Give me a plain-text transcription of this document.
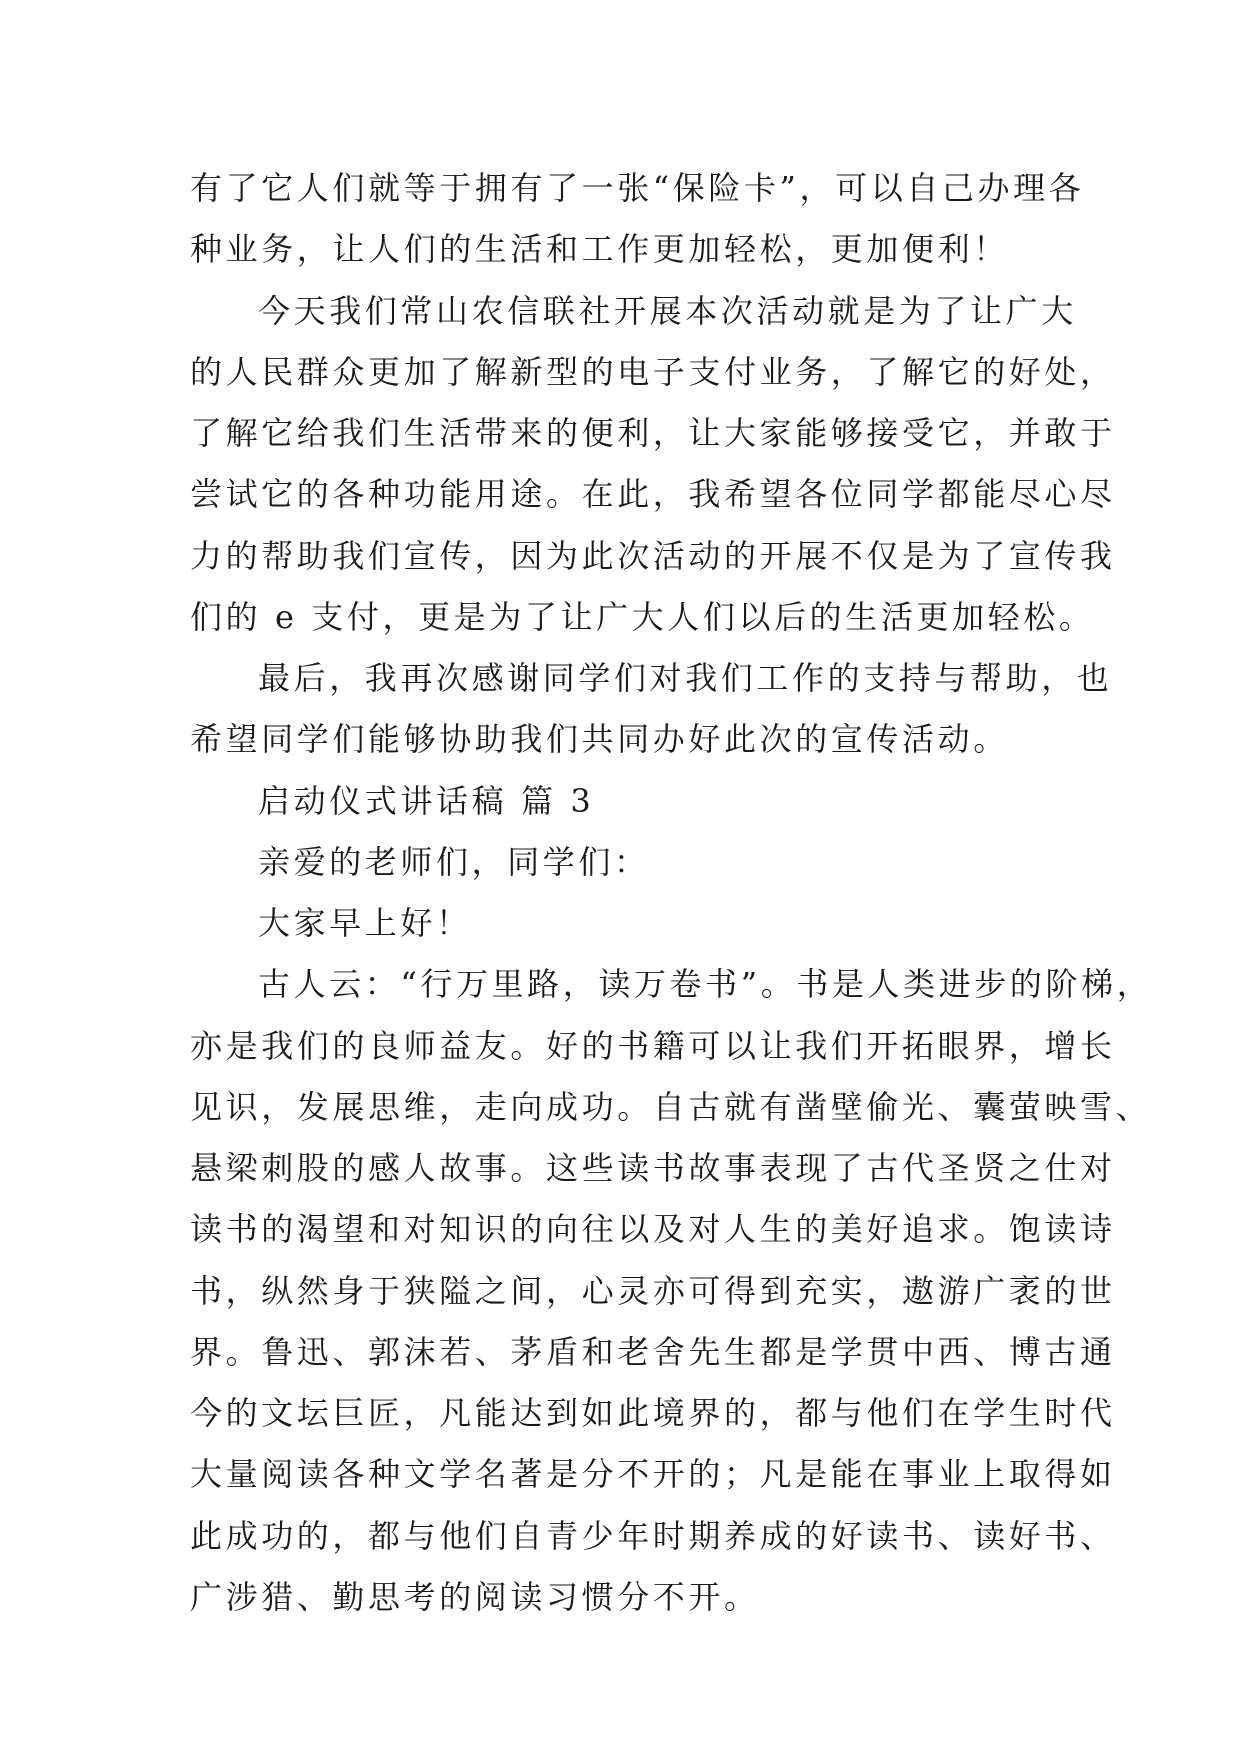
有了它人们就等于拥有了一张“保险卡”，可以自己办理各
种业务，让人们的生活和工作更加轻松，更加便利！
今天我们常山农信联社开展本次活动就是为了让广大
的人民群众更加了解新型的电子支付业务，了解它的好处，
了解它给我们生活带来的便利，让大家能够接受它，并敢于
尝试它的各种功能用途。在此，我希望各位同学都能尽心尽
力的帮助我们宣传，因为此次活动的开展不仅是为了宣传我
们的 e 支付，更是为了让广大人们以后的生活更加轻松。
最后，我再次感谢同学们对我们工作的支持与帮助，也
希望同学们能够协助我们共同办好此次的宣传活动。
启动仪式讲话稿 篇 3
亲爱的老师们，同学们：
大家早上好！
古人云：“行万里路，读万卷书”。书是人类进步的阶梯，
亦是我们的良师益友。好的书籍可以让我们开拓眼界，增长
见识，发展思维，走向成功。自古就有凿壁偷光、囊萤映雪、
悬梁刺股的感人故事。这些读书故事表现了古代圣贤之仕对
读书的渴望和对知识的向往以及对人生的美好追求。饱读诗
书，纵然身于狭隘之间，心灵亦可得到充实，遨游广袤的世
界。鲁迅、郭沫若、茅盾和老舍先生都是学贯中西、博古通
今的文坛巨匠，凡能达到如此境界的，都与他们在学生时代
大量阅读各种文学名著是分不开的；凡是能在事业上取得如
此成功的，都与他们自青少年时期养成的好读书、读好书、
广涉猎、勤思考的阅读习惯分不开。
